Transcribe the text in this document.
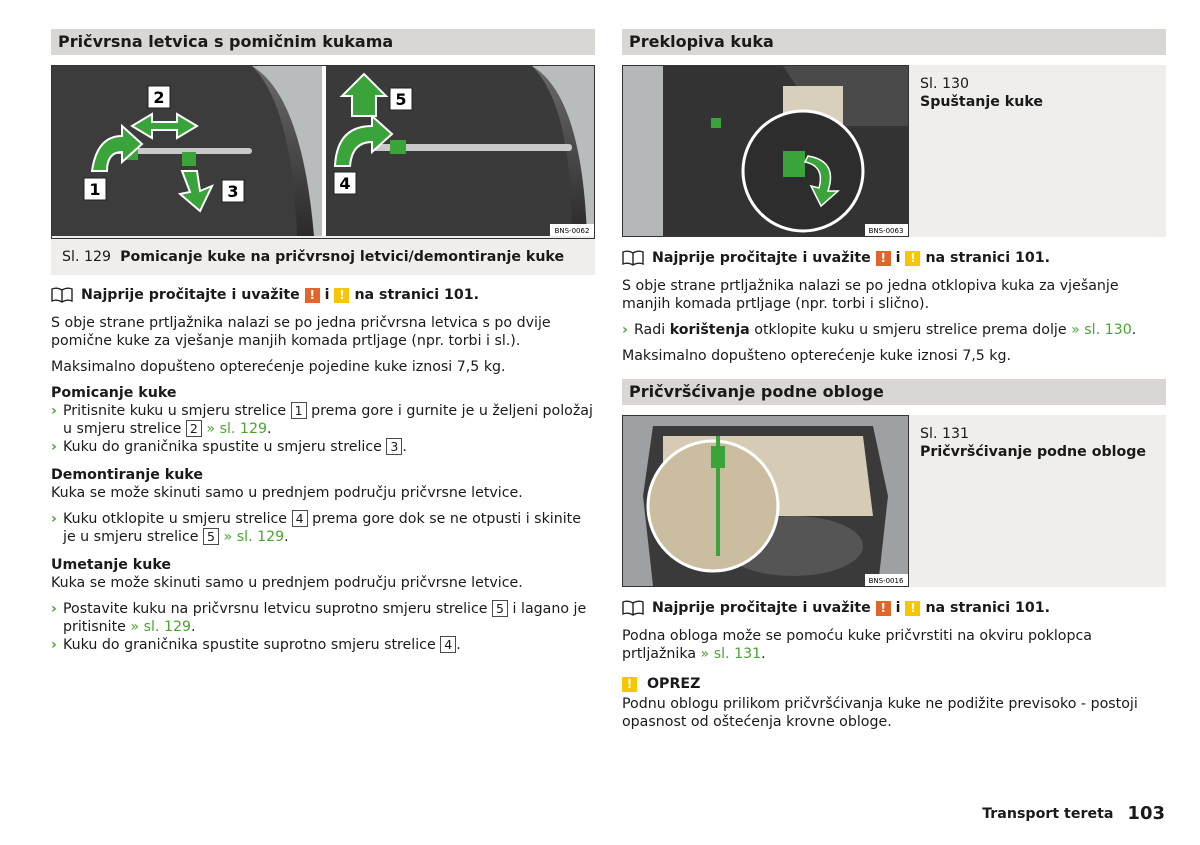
Pričvrsna letvica s pomičnim kukama
1
2
3	4
5
BNS-0062
Sl. 129 Pomicanje kuke na pričvrsnoj letvici/demontiranje kuke

Najprije pročitajte i uvažite
!
i
!
na stranici 101.

S obje strane prtljažnika nalazi se po jedna pričvrsna letvica s po dvije pomične kuke za vješanje manjih komada prtljage (npr. torbi i sl.).

Maksimalno dopušteno opterećenje pojedine kuke iznosi 7,5 kg.

Pomicanje kuke

› Pritisnite kuku u smjeru strelice 1 prema gore i gurnite je u željeni položaj u smjeru strelice 2 » sl. 129.

› Kuku do graničnika spustite u smjeru strelice 3 .

Demontiranje kuke

Kuka se može skinuti samo u prednjem području pričvrsne letvice.

› Kuku otklopite u smjeru strelice 4 prema gore dok se ne otpusti i skinite je u smjeru strelice 5 » sl. 129.

Umetanje kuke

Kuka se može skinuti samo u prednjem području pričvrsne letvice.

› Postavite kuku na pričvrsnu letvicu suprotno smjeru strelice 5 i lagano je pritisnite » sl. 129.

› Kuku do graničnika spustite suprotno smjeru strelice 4 .

Preklopiva kuka
BNS-0063
Sl. 130
Spuštanje kuke

Najprije pročitajte i uvažite
!
i
!
na stranici 101.

S obje strane prtljažnika nalazi se po jedna otklopiva kuka za vješanje manjih komada prtljage (npr. torbi i slično).

› Radi korištenja otklopite kuku u smjeru strelice prema dolje » sl. 130.

Maksimalno dopušteno opterećenje kuke iznosi 7,5 kg.

Pričvršćivanje podne obloge
BNS-0016
Sl. 131
Pričvršćivanje podne obloge

Najprije pročitajte i uvažite
!
i
!
na stranici 101.

Podna obloga može se pomoću kuke pričvrstiti na okviru poklopca prtljažnika » sl. 131.

!	OPREZ

Podnu oblogu prilikom pričvršćivanja kuke ne podižite previsoko - postoji opasnost od oštećenja krovne obloge.

Transport tereta 103
